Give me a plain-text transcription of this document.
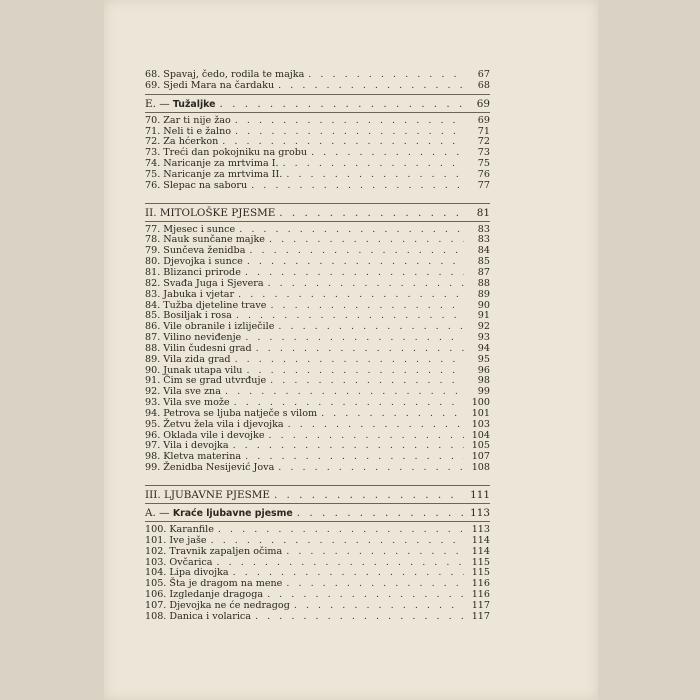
68. Spavaj, čedo, rodila te majka . . .	67
69. Sjedi Mara na čardaku . . .	68
E. — Tužaljke . . .	69
70. Zar ti nije žao . . .	69
71. Neli ti e žalno . . .	71
72. Za hćerkon . . .	72
73. Treći dan pokojniku na grobu . . .	73
74. Naricanje za mrtvima I. . . .	75
75. Naricanje za mrtvima II. . . .	76
76. Slepac na saboru . . .	77
II. MITOLOŠKE PJESME . . .	81
77. Mjesec i sunce . . .	83
78. Nauk sunčane majke . . .	83
79. Sunčeva ženidba . . .	84
80. Djevojka i sunce . . .	85
81. Blizanci prirode . . .	87
82. Svađa Juga i Sjevera . . .	88
83. Jabuka i vjetar . . .	89
84. Tužba djeteline trave . . .	90
85. Bosiljak i rosa . . .	91
86. Vile obranile i izliječile . . .	92
87. Vilino neviđenje . . .	93
88. Vilin čudesni grad . . .	94
89. Vila zida grad . . .	95
90. Junak utapa vilu . . .	96
91. Čim se grad utvrđuje . . .	98
92. Vila sve zna . . .	99
93. Vila sve može . . .	100
94. Petrova se ljuba natječe s vilom . . .	101
95. Žetvu žela vila i djevojka . . .	103
96. Oklada vile i devojke . . .	104
97. Vila i devojka . . .	105
98. Kletva materina . . .	107
99. Ženidba Nesijević Jova . . .	108
III. LJUBAVNE PJESME . . .	111
A. — Kraće ljubavne pjesme . . .	113
100. Karanfile . . .	113
101. Ive jaše . . .	114
102. Travnik zapaljen očima . . .	114
103. Ovčarica . . .	115
104. Lipa divojka . . .	115
105. Šta je dragom na mene . . .	116
106. Izgledanje dragoga . . .	116
107. Djevojka ne će nedragog . . .	117
108. Danica i volarica . . .	117
